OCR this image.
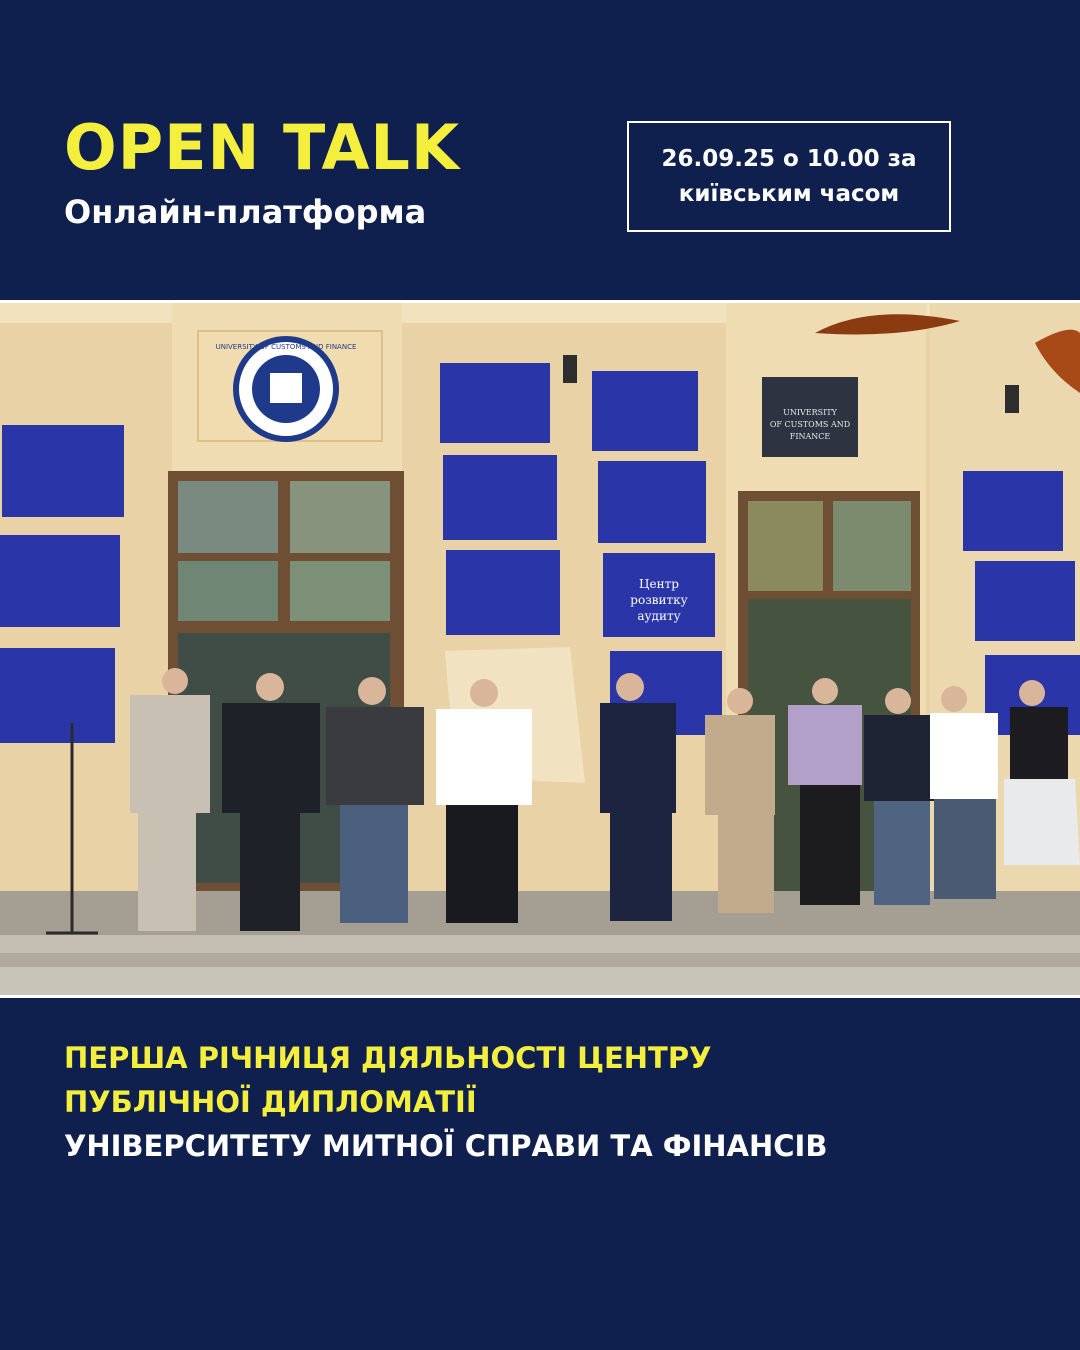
OPEN TALK
Онлайн-платформа
26.09.25 о 10.00 за київським часом
UNIVERSITY OF CUSTOMS AND FINANCE
UNIVERSITY
OF CUSTOMS AND
FINANCE
Центр
розвитку
аудиту
ПЕРША РІЧНИЦЯ ДІЯЛЬНОСТІ ЦЕНТРУ
ПУБЛІЧНОЇ ДИПЛОМАТІЇ
УНІВЕРСИТЕТУ МИТНОЇ СПРАВИ ТА ФІНАНСІВ
